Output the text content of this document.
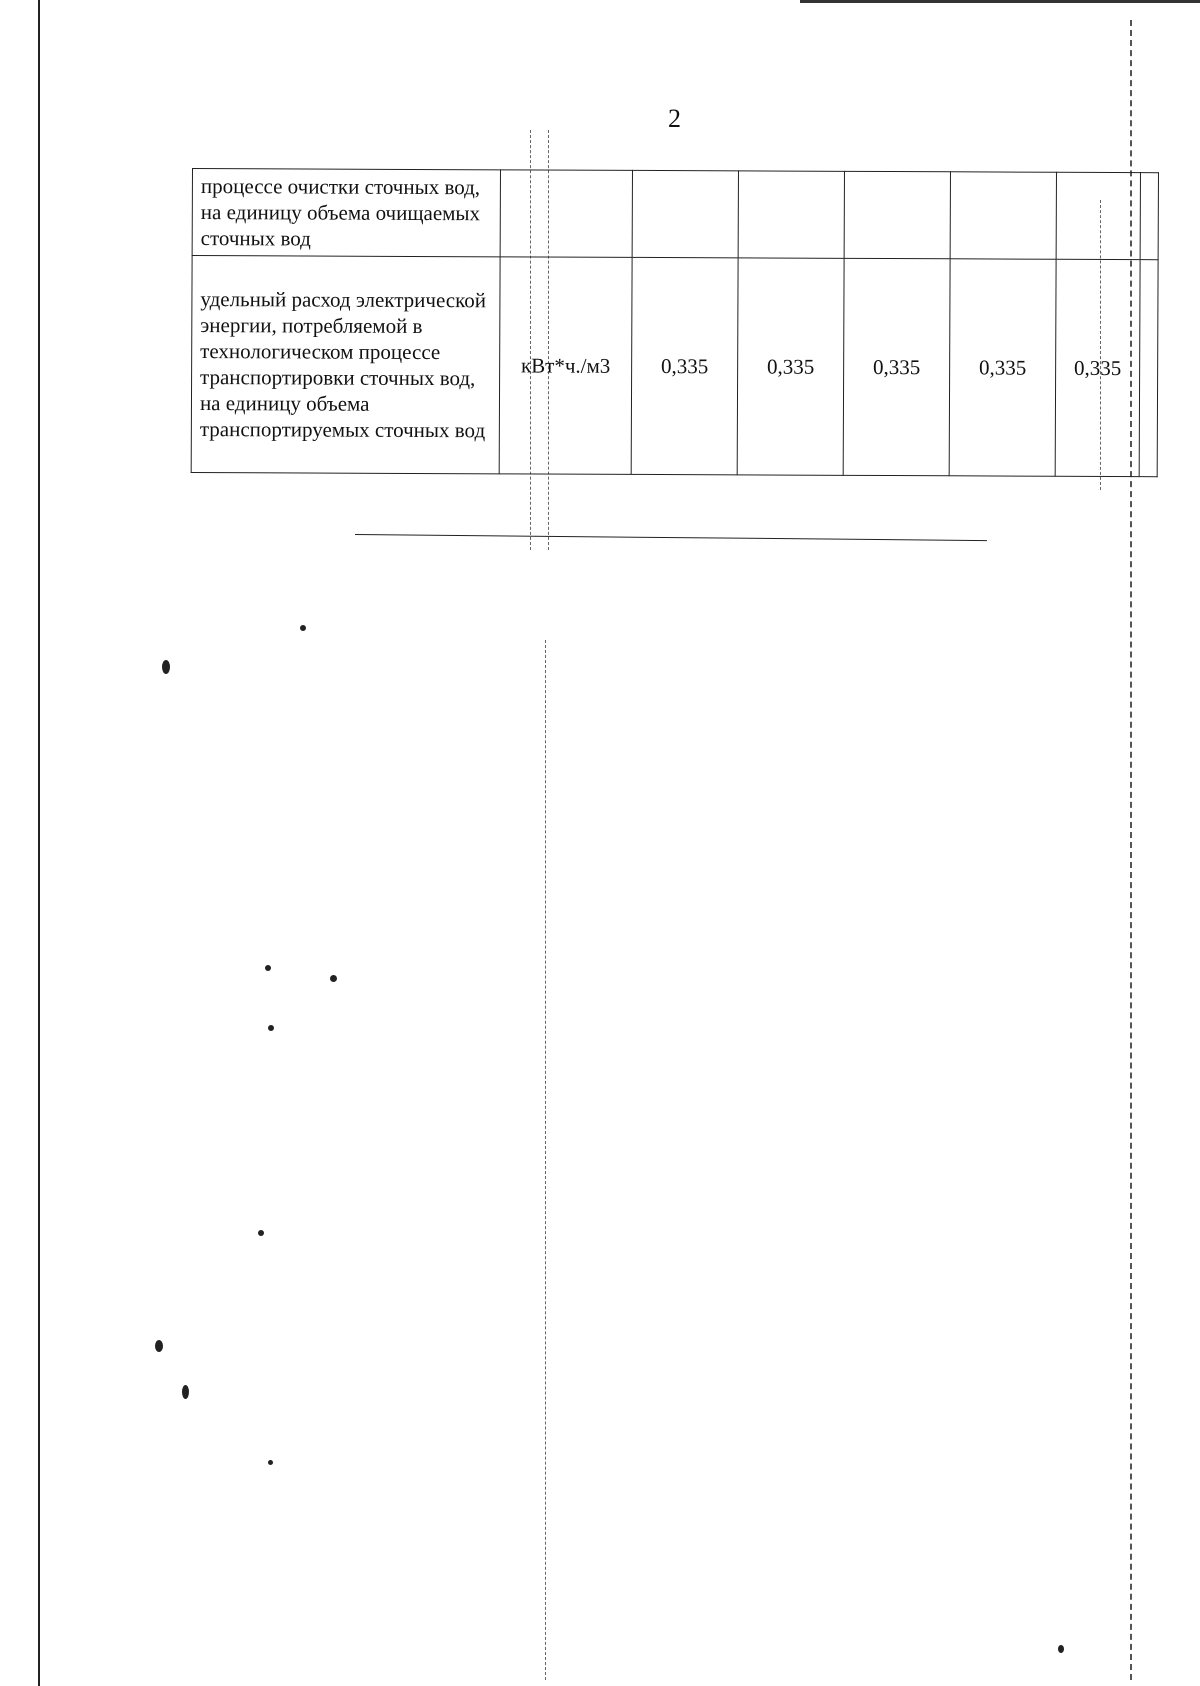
2
процессе очистки сточных вод, на единицу объема очищаемых сточных вод							
удельный расход электрической энергии, потребляемой в технологическом процессе транспортировки сточных вод, на единицу объема транспортируемых сточных вод	кВт*ч./м3	0,335	0,335	0,335	0,335	0,335	
